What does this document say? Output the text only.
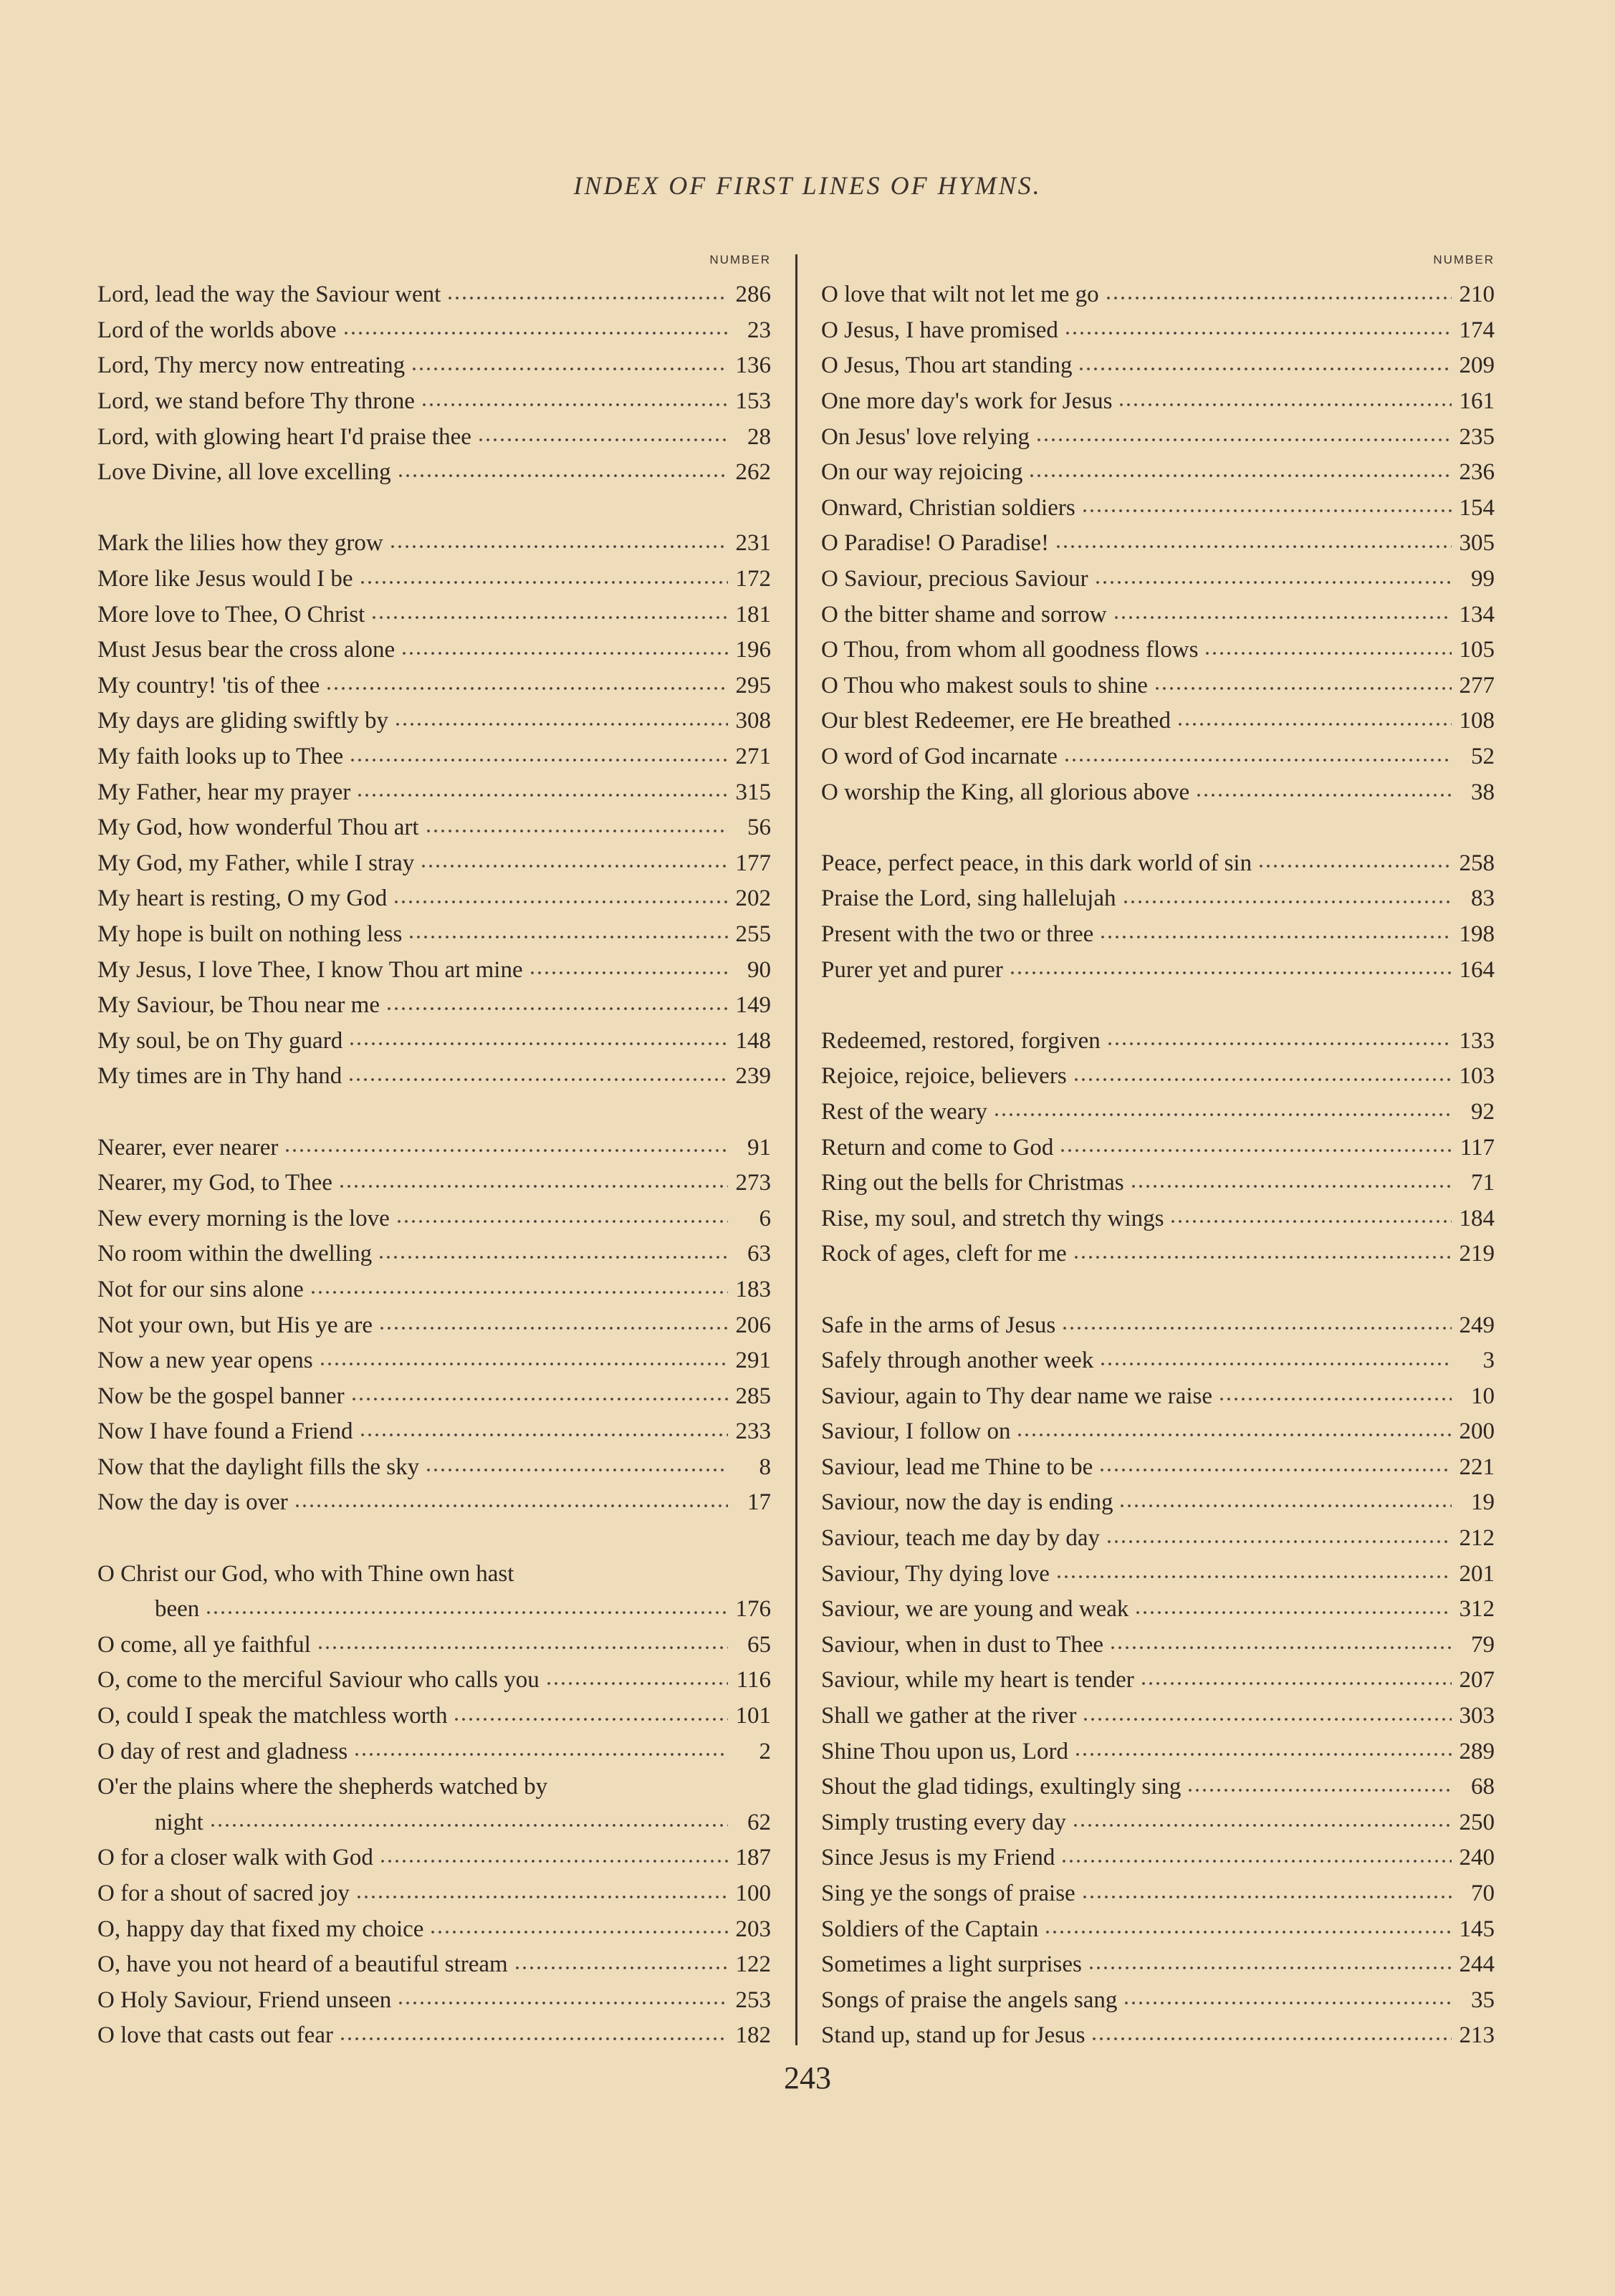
INDEX OF FIRST LINES OF HYMNS.
NUMBER
Lord, lead the way the Saviour went	286
Lord of the worlds above	23
Lord, Thy mercy now entreating	136
Lord, we stand before Thy throne	153
Lord, with glowing heart I'd praise thee	28
Love Divine, all love excelling	262
Mark the lilies how they grow	231
More like Jesus would I be	172
More love to Thee, O Christ	181
Must Jesus bear the cross alone	196
My country! 'tis of thee	295
My days are gliding swiftly by	308
My faith looks up to Thee	271
My Father, hear my prayer	315
My God, how wonderful Thou art	56
My God, my Father, while I stray	177
My heart is resting, O my God	202
My hope is built on nothing less	255
My Jesus, I love Thee, I know Thou art mine	90
My Saviour, be Thou near me	149
My soul, be on Thy guard	148
My times are in Thy hand	239
Nearer, ever nearer	91
Nearer, my God, to Thee	273
New every morning is the love	6
No room within the dwelling	63
Not for our sins alone	183
Not your own, but His ye are	206
Now a new year opens	291
Now be the gospel banner	285
Now I have found a Friend	233
Now that the daylight fills the sky	8
Now the day is over	17
O Christ our God, who with Thine own hast
been	176
O come, all ye faithful	65
O, come to the merciful Saviour who calls you	116
O, could I speak the matchless worth	101
O day of rest and gladness	2
O'er the plains where the shepherds watched by
night	62
O for a closer walk with God	187
O for a shout of sacred joy	100
O, happy day that fixed my choice	203
O, have you not heard of a beautiful stream	122
O Holy Saviour, Friend unseen	253
O love that casts out fear	182
NUMBER
O love that wilt not let me go	210
O Jesus, I have promised	174
O Jesus, Thou art standing	209
One more day's work for Jesus	161
On Jesus' love relying	235
On our way rejoicing	236
Onward, Christian soldiers	154
O Paradise! O Paradise!	305
O Saviour, precious Saviour	99
O the bitter shame and sorrow	134
O Thou, from whom all goodness flows	105
O Thou who makest souls to shine	277
Our blest Redeemer, ere He breathed	108
O word of God incarnate	52
O worship the King, all glorious above	38
Peace, perfect peace, in this dark world of sin	258
Praise the Lord, sing hallelujah	83
Present with the two or three	198
Purer yet and purer	164
Redeemed, restored, forgiven	133
Rejoice, rejoice, believers	103
Rest of the weary	92
Return and come to God	117
Ring out the bells for Christmas	71
Rise, my soul, and stretch thy wings	184
Rock of ages, cleft for me	219
Safe in the arms of Jesus	249
Safely through another week	3
Saviour, again to Thy dear name we raise	10
Saviour, I follow on	200
Saviour, lead me Thine to be	221
Saviour, now the day is ending	19
Saviour, teach me day by day	212
Saviour, Thy dying love	201
Saviour, we are young and weak	312
Saviour, when in dust to Thee	79
Saviour, while my heart is tender	207
Shall we gather at the river	303
Shine Thou upon us, Lord	289
Shout the glad tidings, exultingly sing	68
Simply trusting every day	250
Since Jesus is my Friend	240
Sing ye the songs of praise	70
Soldiers of the Captain	145
Sometimes a light surprises	244
Songs of praise the angels sang	35
Stand up, stand up for Jesus	213
243
